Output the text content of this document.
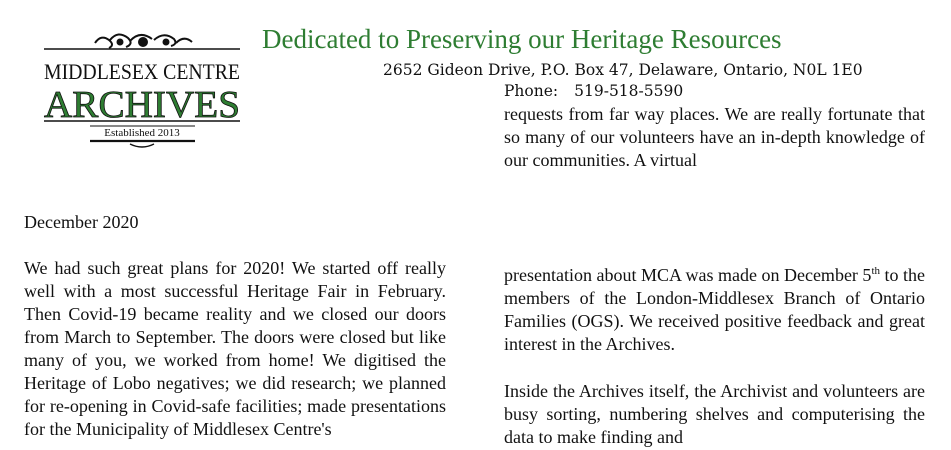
MIDDLESEX CENTRE
ARCHIVES
Established 2013
Dedicated to Preserving our Heritage Resources
2652 Gideon Drive, P.O. Box 47, Delaware, Ontario, N0L 1E0
Phone: 519-518-5590

requests from far way places. We are really fortunate that so many of our volunteers have an in-depth knowledge of our communities. A virtual

December 2020

We had such great plans for 2020! We started off really well with a most successful Heritage Fair in February. Then Covid-19 became reality and we closed our doors from March to September. The doors were closed but like many of you, we worked from home! We digitised the Heritage of Lobo negatives; we did research; we planned for re-opening in Covid-safe facilities; made presentations for the Municipality of Middlesex Centre's

presentation about MCA was made on December 5th to the members of the London-Middlesex Branch of Ontario Families (OGS). We received positive feedback and great interest in the Archives.

Inside the Archives itself, the Archivist and volunteers are busy sorting, numbering shelves and computerising the data to make finding and
